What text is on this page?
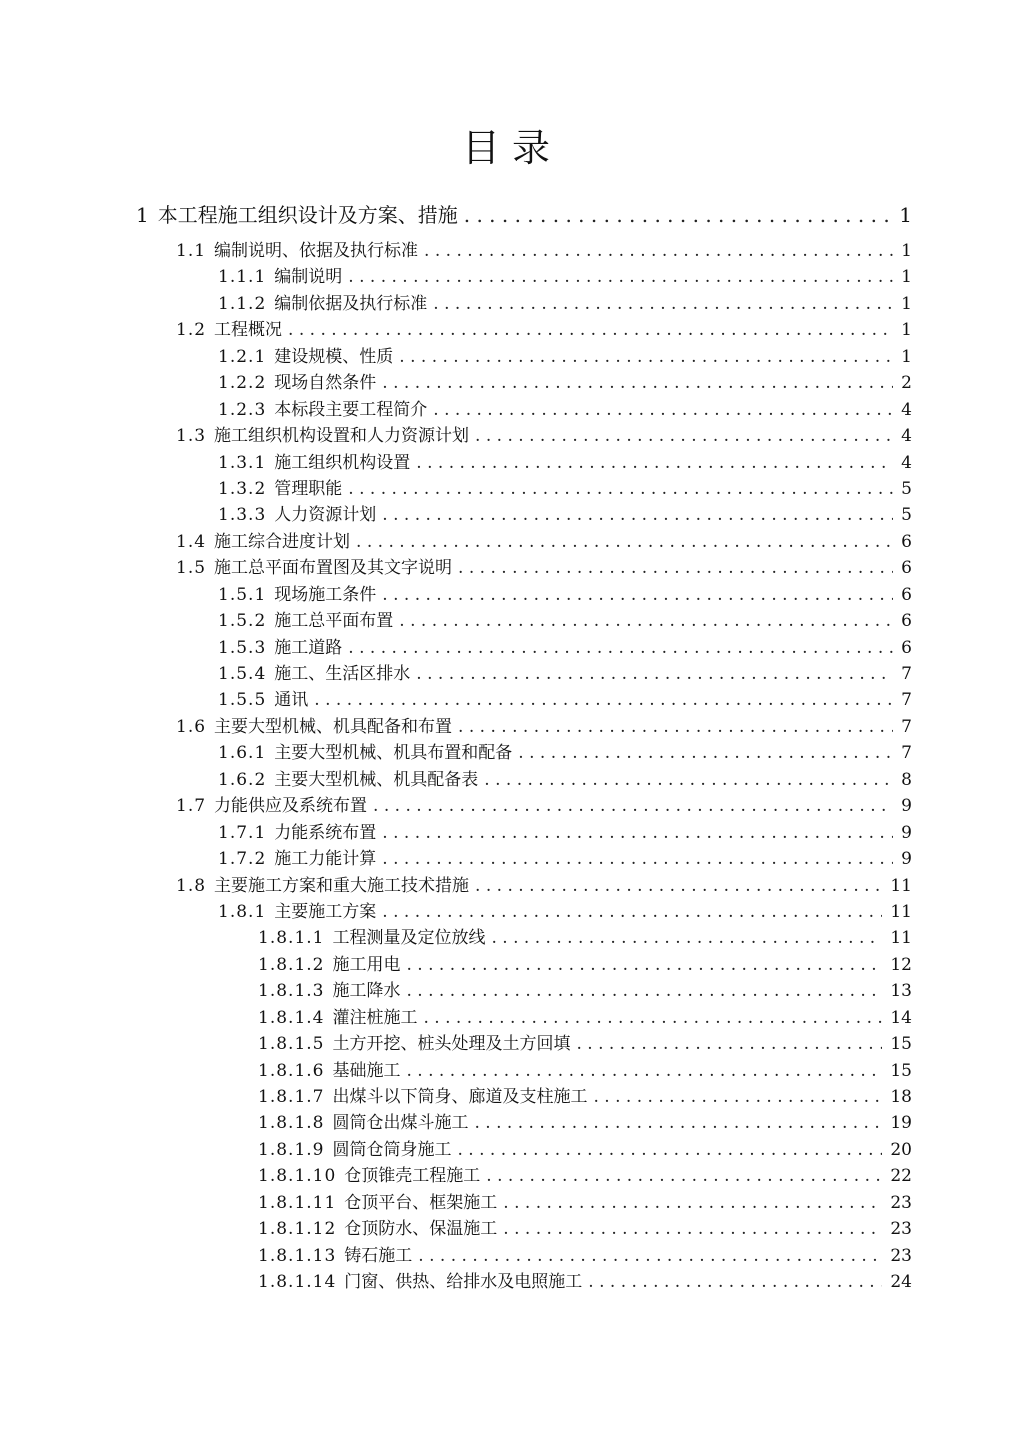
目 录
1 本工程施工组织设计及方案、措施 . . .	1
1.1 编制说明、依据及执行标准 . . .	1
1.1.1 编制说明 . . .	1
1.1.2 编制依据及执行标准 . . .	1
1.2 工程概况 . . .	1
1.2.1 建设规模、性质 . . .	1
1.2.2 现场自然条件 . . .	2
1.2.3 本标段主要工程简介 . . .	4
1.3 施工组织机构设置和人力资源计划 . . .	4
1.3.1 施工组织机构设置 . . .	4
1.3.2 管理职能 . . .	5
1.3.3 人力资源计划 . . .	5
1.4 施工综合进度计划 . . .	6
1.5 施工总平面布置图及其文字说明 . . .	6
1.5.1 现场施工条件 . . .	6
1.5.2 施工总平面布置 . . .	6
1.5.3 施工道路 . . .	6
1.5.4 施工、生活区排水 . . .	7
1.5.5 通讯 . . .	7
1.6 主要大型机械、机具配备和布置 . . .	7
1.6.1 主要大型机械、机具布置和配备 . . .	7
1.6.2 主要大型机械、机具配备表 . . .	8
1.7 力能供应及系统布置 . . .	9
1.7.1 力能系统布置 . . .	9
1.7.2 施工力能计算 . . .	9
1.8 主要施工方案和重大施工技术措施 . . .	11
1.8.1 主要施工方案 . . .	11
1.8.1.1 工程测量及定位放线 . . .	11
1.8.1.2 施工用电 . . .	12
1.8.1.3 施工降水 . . .	13
1.8.1.4 灌注桩施工 . . .	14
1.8.1.5 土方开挖、桩头处理及土方回填 . . .	15
1.8.1.6 基础施工 . . .	15
1.8.1.7 出煤斗以下筒身、廊道及支柱施工 . . .	18
1.8.1.8 圆筒仓出煤斗施工 . . .	19
1.8.1.9 圆筒仓筒身施工 . . .	20
1.8.1.10 仓顶锥壳工程施工 . . .	22
1.8.1.11 仓顶平台、框架施工 . . .	23
1.8.1.12 仓顶防水、保温施工 . . .	23
1.8.1.13 铸石施工 . . .	23
1.8.1.14 门窗、供热、给排水及电照施工 . . .	24
